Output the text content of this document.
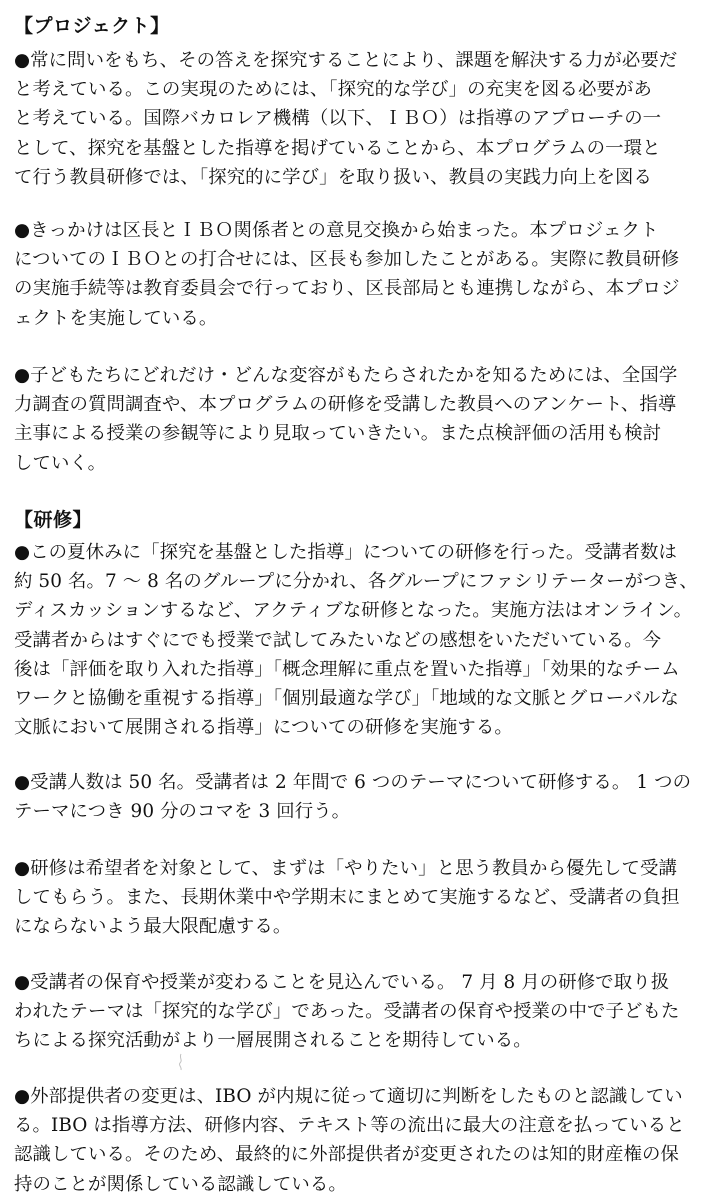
【プロジェクト】
●常に問いをもち、その答えを探究することにより、課題を解決する力が必要だ
と考えている。この実現のためには、「探究的な学び」の充実を図る必要があ
と考えている。国際バカロレア機構（以下、ＩＢＯ）は指導のアプローチの一
として、探究を基盤とした指導を掲げていることから、本プログラムの一環と
て行う教員研修では、「探究的に学び」を取り扱い、教員の実践力向上を図る
●きっかけは区長とＩＢＯ関係者との意見交換から始まった。本プロジェクト
についてのＩＢＯとの打合せには、区長も参加したことがある。実際に教員研修
の実施手続等は教育委員会で行っており、区長部局とも連携しながら、本プロジ
ェクトを実施している。
●子どもたちにどれだけ・どんな変容がもたらされたかを知るためには、全国学
力調査の質問調査や、本プログラムの研修を受講した教員へのアンケート、指導
主事による授業の参観等により見取っていきたい。また点検評価の活用も検討
していく。
【研修】
●この夏休みに「探究を基盤とした指導」についての研修を行った。受講者数は
約 50 名。7 ～ 8 名のグループに分かれ、各グループにファシリテーターがつき、
ディスカッションするなど、アクティブな研修となった。実施方法はオンライン。
受講者からはすぐにでも授業で試してみたいなどの感想をいただいている。今
後は「評価を取り入れた指導」「概念理解に重点を置いた指導」「効果的なチーム
ワークと協働を重視する指導」「個別最適な学び」「地域的な文脈とグローバルな
文脈において展開される指導」についての研修を実施する。
●受講人数は 50 名。受講者は 2 年間で 6 つのテーマについて研修する。 1 つの
テーマにつき 90 分のコマを 3 回行う。
●研修は希望者を対象として、まずは「やりたい」と思う教員から優先して受講
してもらう。また、長期休業中や学期末にまとめて実施するなど、受講者の負担
にならないよう最大限配慮する。
●受講者の保育や授業が変わることを見込んでいる。 7 月 8 月の研修で取り扱
われたテーマは「探究的な学び」であった。受講者の保育や授業の中で子どもた
ちによる探究活動がより一層展開されることを期待している。
●外部提供者の変更は、IBO が内規に従って適切に判断をしたものと認識してい
る。IBO は指導方法、研修内容、テキスト等の流出に最大の注意を払っていると
認識している。そのため、最終的に外部提供者が変更されたのは知的財産権の保
持のことが関係している認識している。
